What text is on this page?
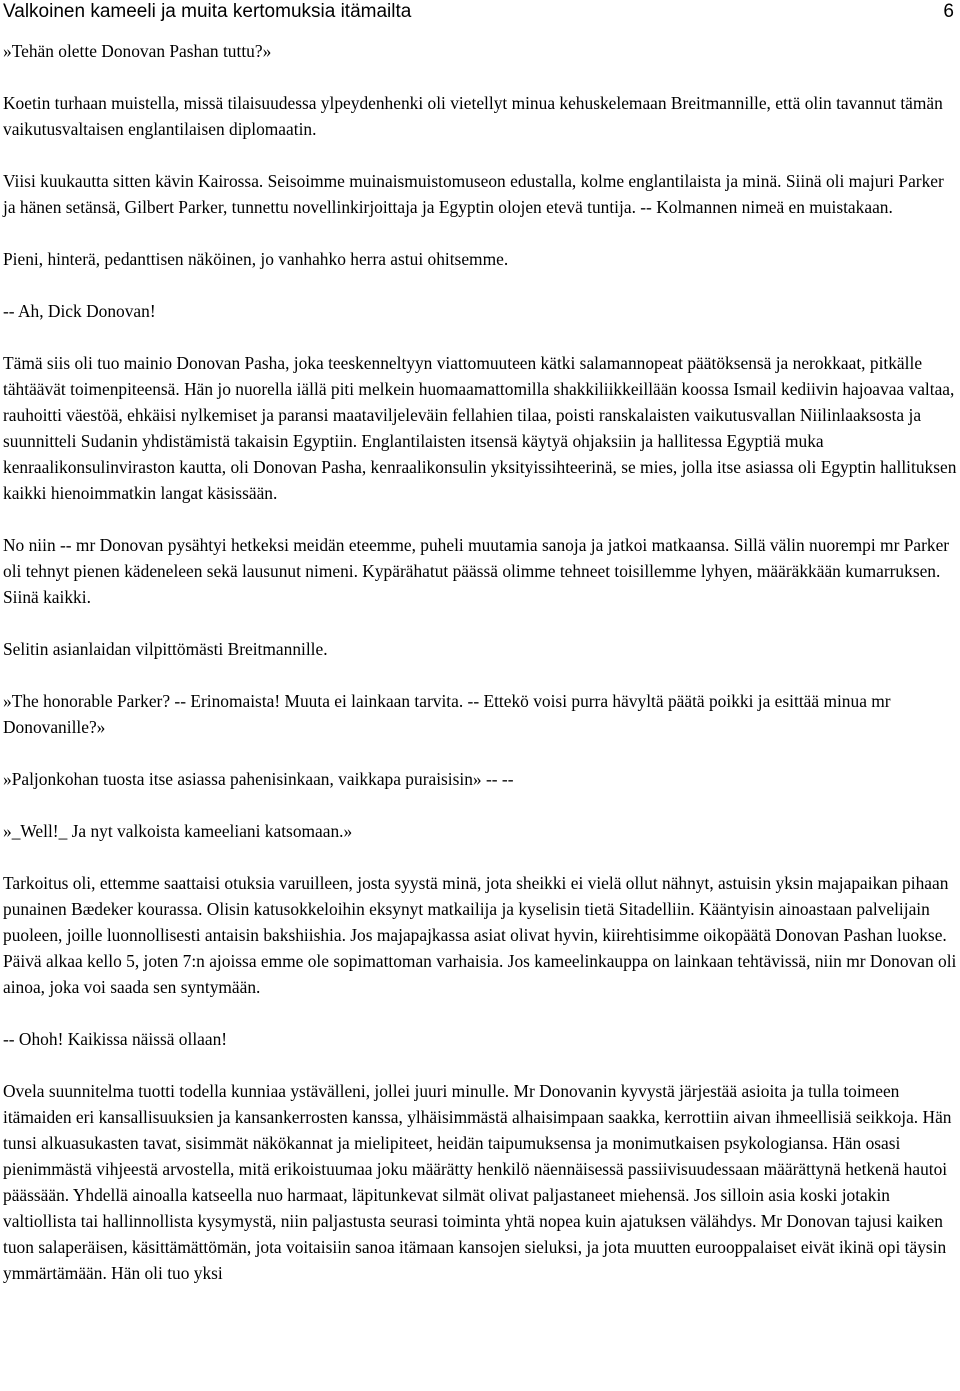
Valkoinen kameeli ja muita kertomuksia itämailta	6

»Tehän olette Donovan Pashan tuttu?»

Koetin turhaan muistella, missä tilaisuudessa ylpeydenhenki oli vietellyt minua kehuskelemaan Breitmannille, että olin tavannut tämän vaikutusvaltaisen englantilaisen diplomaatin.

Viisi kuukautta sitten kävin Kairossa. Seisoimme muinaismuistomuseon edustalla, kolme englantilaista ja minä. Siinä oli majuri Parker ja hänen setänsä, Gilbert Parker, tunnettu novellinkirjoittaja ja Egyptin olojen etevä tuntija. -- Kolmannen nimeä en muistakaan.

Pieni, hinterä, pedanttisen näköinen, jo vanhahko herra astui ohitsemme.

-- Ah, Dick Donovan!

Tämä siis oli tuo mainio Donovan Pasha, joka teeskenneltyyn viattomuuteen kätki salamannopeat päätöksensä ja nerokkaat, pitkälle tähtäävät toimenpiteensä. Hän jo nuorella iällä piti melkein huomaamattomilla shakkiliikkeillään koossa Ismail kediivin hajoavaa valtaa, rauhoitti väestöä, ehkäisi nylkemiset ja paransi maataviljeleväin fellahien tilaa, poisti ranskalaisten vaikutusvallan Niilinlaaksosta ja suunnitteli Sudanin yhdistämistä takaisin Egyptiin. Englantilaisten itsensä käytyä ohjaksiin ja hallitessa Egyptiä muka kenraalikonsulinviraston kautta, oli Donovan Pasha, kenraalikonsulin yksityissihteerinä, se mies, jolla itse asiassa oli Egyptin hallituksen kaikki hienoimmatkin langat käsissään.

No niin -- mr Donovan pysähtyi hetkeksi meidän eteemme, puheli muutamia sanoja ja jatkoi matkaansa. Sillä välin nuorempi mr Parker oli tehnyt pienen kädeneleen sekä lausunut nimeni. Kypärähatut päässä olimme tehneet toisillemme lyhyen, määräkkään kumarruksen. Siinä kaikki.

Selitin asianlaidan vilpittömästi Breitmannille.

»The honorable Parker? -- Erinomaista! Muuta ei lainkaan tarvita. -- Ettekö voisi purra hävyltä päätä poikki ja esittää minua mr Donovanille?»

»Paljonkohan tuosta itse asiassa pahenisinkaan, vaikkapa puraisisin» -- --

»_Well!_ Ja nyt valkoista kameeliani katsomaan.»

Tarkoitus oli, ettemme saattaisi otuksia varuilleen, josta syystä minä, jota sheikki ei vielä ollut nähnyt, astuisin yksin majapaikan pihaan punainen Bædeker kourassa. Olisin katusokkeloihin eksynyt matkailija ja kyselisin tietä Sitadelliin. Kääntyisin ainoastaan palvelijain puoleen, joille luonnollisesti antaisin bakshiishia. Jos majapajkassa asiat olivat hyvin, kiirehtisimme oikopäätä Donovan Pashan luokse. Päivä alkaa kello 5, joten 7:n ajoissa emme ole sopimattoman varhaisia. Jos kameelinkauppa on lainkaan tehtävissä, niin mr Donovan oli ainoa, joka voi saada sen syntymään.

-- Ohoh! Kaikissa näissä ollaan!

Ovela suunnitelma tuotti todella kunniaa ystävälleni, jollei juuri minulle. Mr Donovanin kyvystä järjestää asioita ja tulla toimeen itämaiden eri kansallisuuksien ja kansankerrosten kanssa, ylhäisimmästä alhaisimpaan saakka, kerrottiin aivan ihmeellisiä seikkoja. Hän tunsi alkuasukasten tavat, sisimmät näkökannat ja mielipiteet, heidän taipumuksensa ja monimutkaisen psykologiansa. Hän osasi pienimmästä vihjeestä arvostella, mitä erikoistuumaa joku määrätty henkilö näennäisessä passiivisuudessaan määrättynä hetkenä hautoi päässään. Yhdellä ainoalla katseella nuo harmaat, läpitunkevat silmät olivat paljastaneet miehensä. Jos silloin asia koski jotakin valtiollista tai hallinnollista kysymystä, niin paljastusta seurasi toiminta yhtä nopea kuin ajatuksen välähdys. Mr Donovan tajusi kaiken tuon salaperäisen, käsittämättömän, jota voitaisiin sanoa itämaan kansojen sieluksi, ja jota muutten eurooppalaiset eivät ikinä opi täysin ymmärtämään. Hän oli tuo yksi
